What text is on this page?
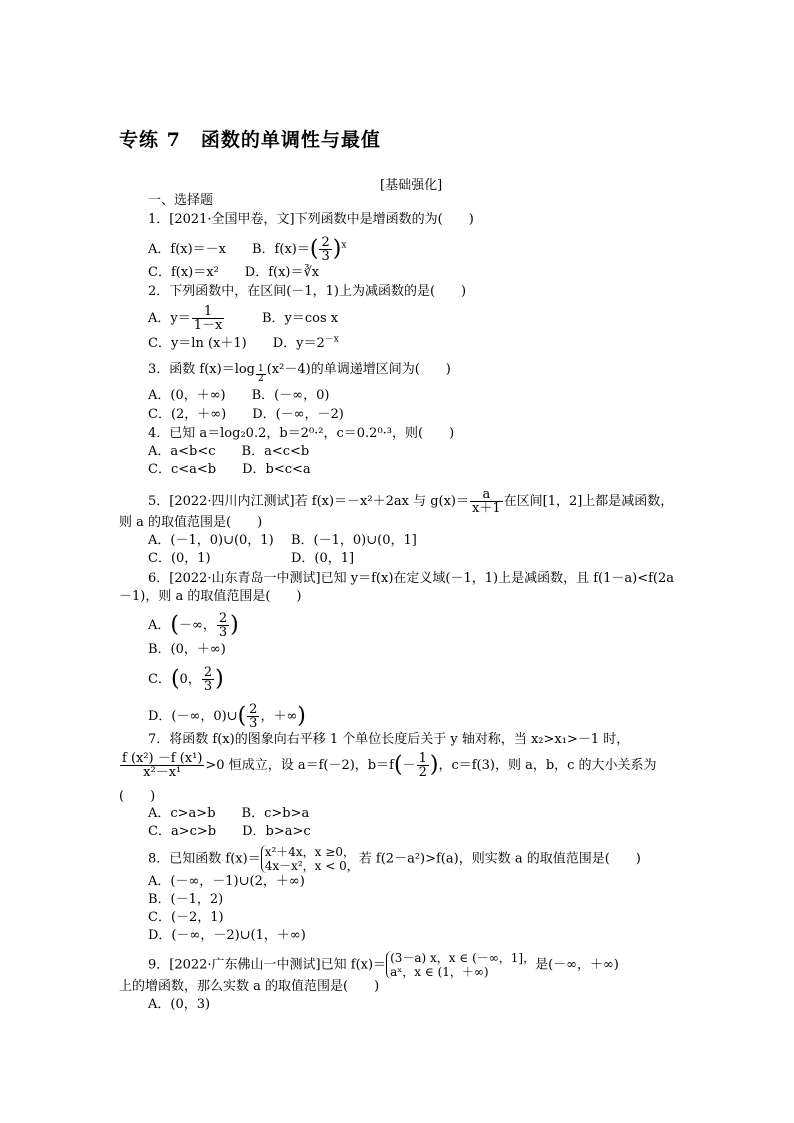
专练 7　函数的单调性与最值
[基础强化]
一、选择题
1．[2021·全国甲卷，文]下列函数中是增函数的为(　　)
A．f(x)＝－x　　B．$f(x)=( \frac{2}{3} )^x$
C．f(x)＝x²　　D．f(x)＝∛x
2．下列函数中，在区间(－1，1)上为减函数的是(　　)
A．$y= \frac{1}{1-x}$	B．y＝cos x
C．y＝ln (x＋1)　　D．$y=2^{-x}$
3．函数 f(x)＝log $_{\frac{1}{2}}$ (x²－4)的单调递增区间为(　　)
A．(0，＋∞)　　B．(－∞，0)
C．(2，＋∞)　　D．(－∞，－2)
4．已知 a＝log₂0.2，b＝2⁰·²，c＝0.2⁰·³，则(　　)
A．a<b<c　　B．a<c<b
C．c<a<b　　D．b<c<a
5．[2022·四川内江测试]若 f(x)＝－x²＋2ax 与 $g(x)= \frac{a}{x+1}$ 在区间[1，2]上都是减函数，
则 a 的取值范围是(　　)
A．(－1，0)∪(0，1) B．(－1，0)∪(0，1]
C．(0，1)	D．(0，1]
6．[2022·山东青岛一中测试]已知 y＝f(x)在定义域(－1，1)上是减函数，且 f(1－a)<f(2a
－1)，则 a 的取值范围是(　　)
A．(－∞， $\frac{2}{3}$ )
B．(0，＋∞)
C．(0， $\frac{2}{3}$ )
D．(－∞，0)∪( $\frac{2}{3}$ ，＋∞)
7．将函数 f(x)的图象向右平移 1 个单位长度后关于 y 轴对称，当 x₂>x₁>－1 时，
$\frac{\text{f (x²) －f (x¹)}}{\text{x²－x¹}} >0$ 恒成立，设 a＝f(－2)，$b=f(- \frac{1}{2}$ )，c＝f(3)，则 a，b，c 的大小关系为
(　　)
A．c>a>b　　B．c>b>a
C．a>c>b　　D．b>a>c
8．已知函数 f(x)＝ x²＋4x，x ≥0，
4x－x²，x < 0， 若 f(2－a²)>f(a)，则实数 a 的取值范围是(　　)
A．(－∞，－1)∪(2，＋∞)
B．(－1，2)
C．(－2，1)
D．(－∞，－2)∪(1，＋∞)
9．[2022·广东佛山一中测试]已知 f(x)＝ (3－a) x，x ∈ (－∞，1]，
aˣ，x ∈ (1，＋∞)	是(－∞，＋∞)
上的增函数，那么实数 a 的取值范围是(　　)
A．(0，3)
